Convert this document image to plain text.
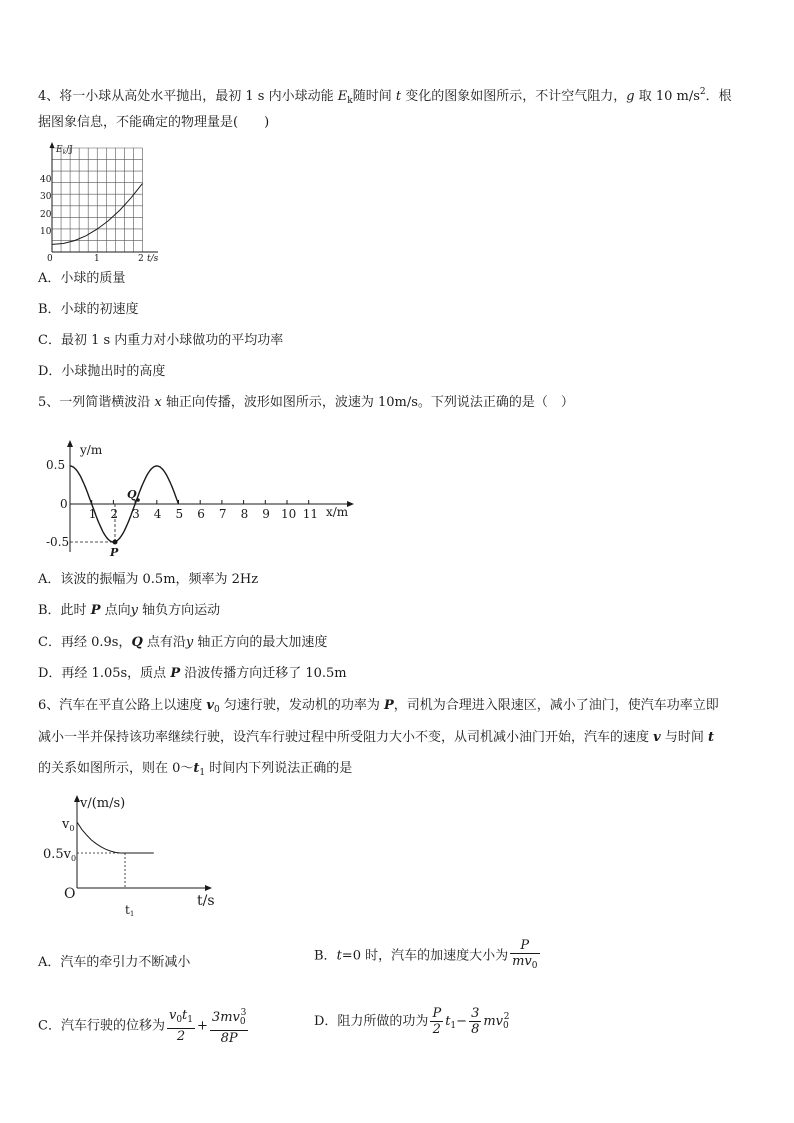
4、将一小球从高处水平抛出，最初 1 s 内小球动能 $E_k$随时间 t 变化的图象如图所示，不计空气阻力，g 取 10 $m/s^2$．根
据图象信息，不能确定的物理量是(　　)
$E_k/J$
40
30
20
10
0	1	2 t/s
A．小球的质量
B．小球的初速度
C．最初 1 s 内重力对小球做功的平均功率
D．小球抛出时的高度
5、一列简谐横波沿 x 轴正向传播，波形如图所示，波速为 10m/s。下列说法正确的是（　）
P
Q
y/m
x/m
0.5
0
-0.5
1 2 3 4 5 6 7 8 9 10 11
A．该波的振幅为 0.5m，频率为 2Hz
B．此时 P 点向y 轴负方向运动
C．再经 0.9s，Q 点有沿y 轴正方向的最大加速度
D．再经 1.05s，质点 P 沿波传播方向迁移了 10.5m
6、汽车在平直公路上以速度 $v_0$ 匀速行驶，发动机的功率为 P，司机为合理进入限速区，减小了油门，使汽车功率立即
减小一半并保持该功率继续行驶，设汽车行驶过程中所受阻力大小不变，从司机减小油门开始，汽车的速度 v 与时间 t
的关系如图所示，则在 $0\sim t_1$ 时间内下列说法正确的是
v/(m/s)
$v_0$
$0.5v_0$
O
t1
t/s
A．汽车的牵引力不断减小	B．t=0 时，汽车的加速度大小为 $\frac{P}{mv_0}$
C．汽车行驶的位移为 $\frac{v_0t_1}{2} + \frac{3mv_0^3}{8P}$	D．阻力所做的功为 $\frac{P}{2} t_1- \frac{3}{8} mv_0^2$
